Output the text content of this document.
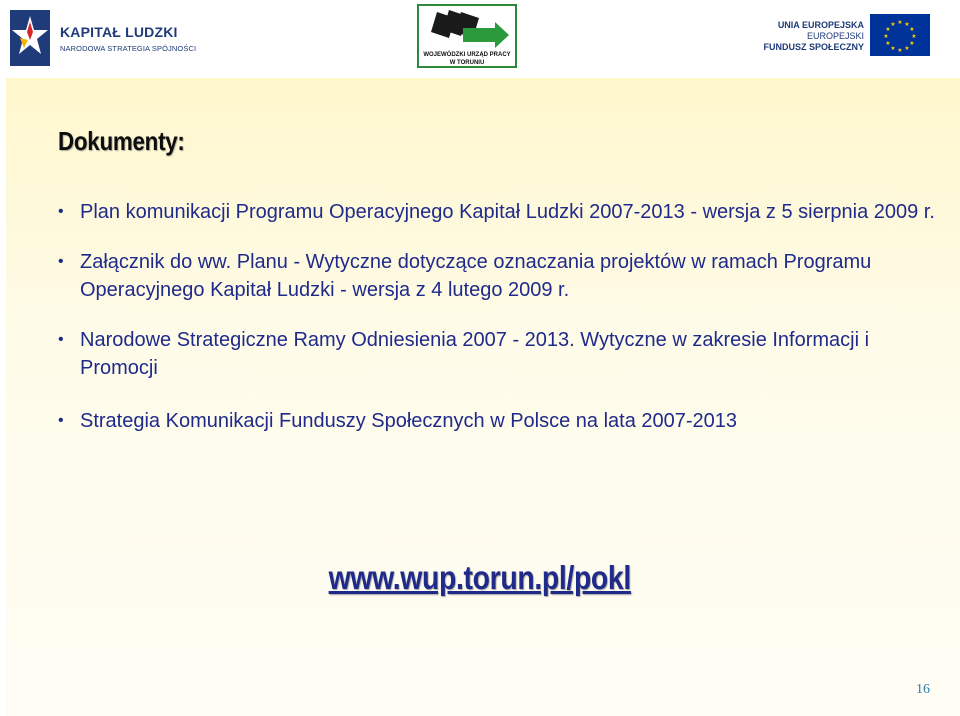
KAPITAŁ LUDZKI
NARODOWA STRATEGIA SPÓJNOŚCI
WOJEWÓDZKI URZĄD PRACY
W TORUNIU
UNIA EUROPEJSKA
EUROPEJSKI
FUNDUSZ SPOŁECZNY
★ ★
★
★
★
★
★
★
★
★
★
★
Dokumenty:
• Plan komunikacji Programu Operacyjnego Kapitał Ludzki 2007-2013 - wersja z 5 sierpnia 2009 r.
• Załącznik do ww. Planu - Wytyczne dotyczące oznaczania projektów w ramach Programu Operacyjnego Kapitał Ludzki - wersja z 4 lutego 2009 r.
• Narodowe Strategiczne Ramy Odniesienia 2007 - 2013. Wytyczne w zakresie Informacji i Promocji
• Strategia Komunikacji Funduszy Społecznych w Polsce na lata 2007-2013
www.wup.torun.pl/pokl
16
